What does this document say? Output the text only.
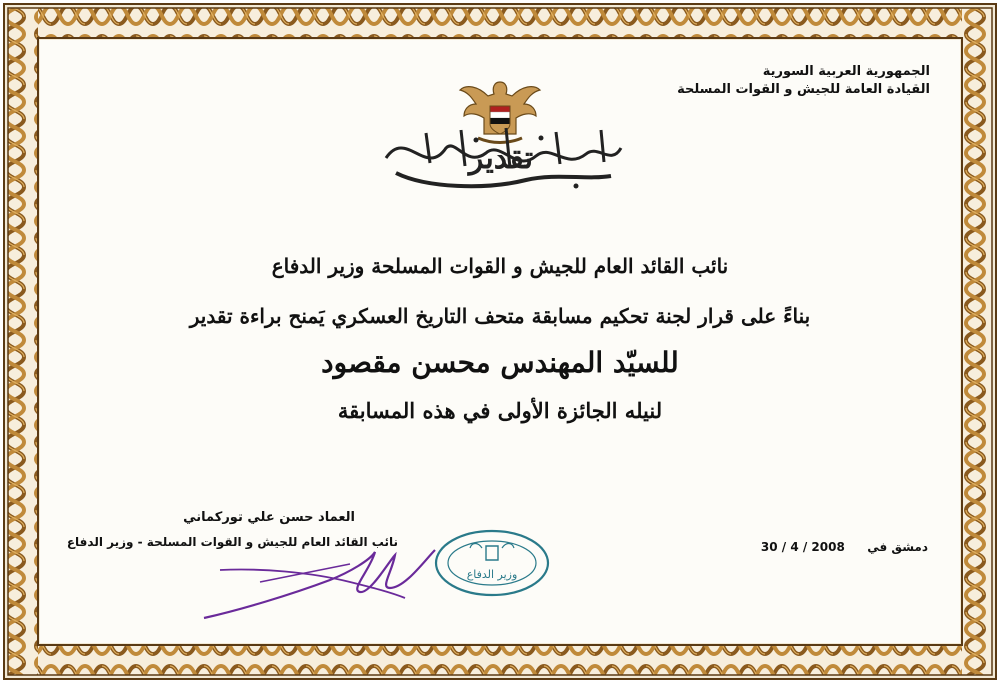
الجمهورية العربية السورية
القيادة العامة للجيش و القوات المسلحة
تقدير
نائب القائد العام للجيش و القوات المسلحة وزير الدفاع
بناءً على قرار لجنة تحكيم مسابقة متحف التاريخ العسكري يَمنح براءة تقدير
للسيّد المهندس محسن مقصود
لنيله الجائزة الأولى في هذه المسابقة
العماد حسن علي توركماني
نائب القائد العام للجيش و القوات المسلحة - وزير الدفاع	دمشق في  30 / 4 / 2008
وزير الدفاع
